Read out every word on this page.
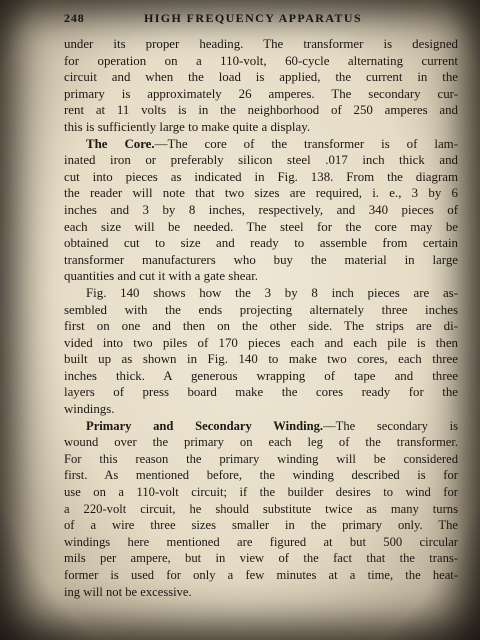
248	HIGH FREQUENCY APPARATUS
under its proper heading. The transformer is designed
for operation on a 110-volt, 60-cycle alternating current
circuit and when the load is applied, the current in the
primary is approximately 26 amperes. The secondary cur-
rent at 11 volts is in the neighborhood of 250 amperes and
this is sufficiently large to make quite a display.
The Core.—The core of the transformer is of lam-
inated iron or preferably silicon steel .017 inch thick and
cut into pieces as indicated in Fig. 138. From the diagram
the reader will note that two sizes are required, i. e., 3 by 6
inches and 3 by 8 inches, respectively, and 340 pieces of
each size will be needed. The steel for the core may be
obtained cut to size and ready to assemble from certain
transformer manufacturers who buy the material in large
quantities and cut it with a gate shear.
Fig. 140 shows how the 3 by 8 inch pieces are as-
sembled with the ends projecting alternately three inches
first on one and then on the other side. The strips are di-
vided into two piles of 170 pieces each and each pile is then
built up as shown in Fig. 140 to make two cores, each three
inches thick. A generous wrapping of tape and three
layers of press board make the cores ready for the
windings.
Primary and Secondary Winding.—The secondary is
wound over the primary on each leg of the transformer.
For this reason the primary winding will be considered
first. As mentioned before, the winding described is for
use on a 110-volt circuit; if the builder desires to wind for
a 220-volt circuit, he should substitute twice as many turns
of a wire three sizes smaller in the primary only. The
windings here mentioned are figured at but 500 circular
mils per ampere, but in view of the fact that the trans-
former is used for only a few minutes at a time, the heat-
ing will not be excessive.
